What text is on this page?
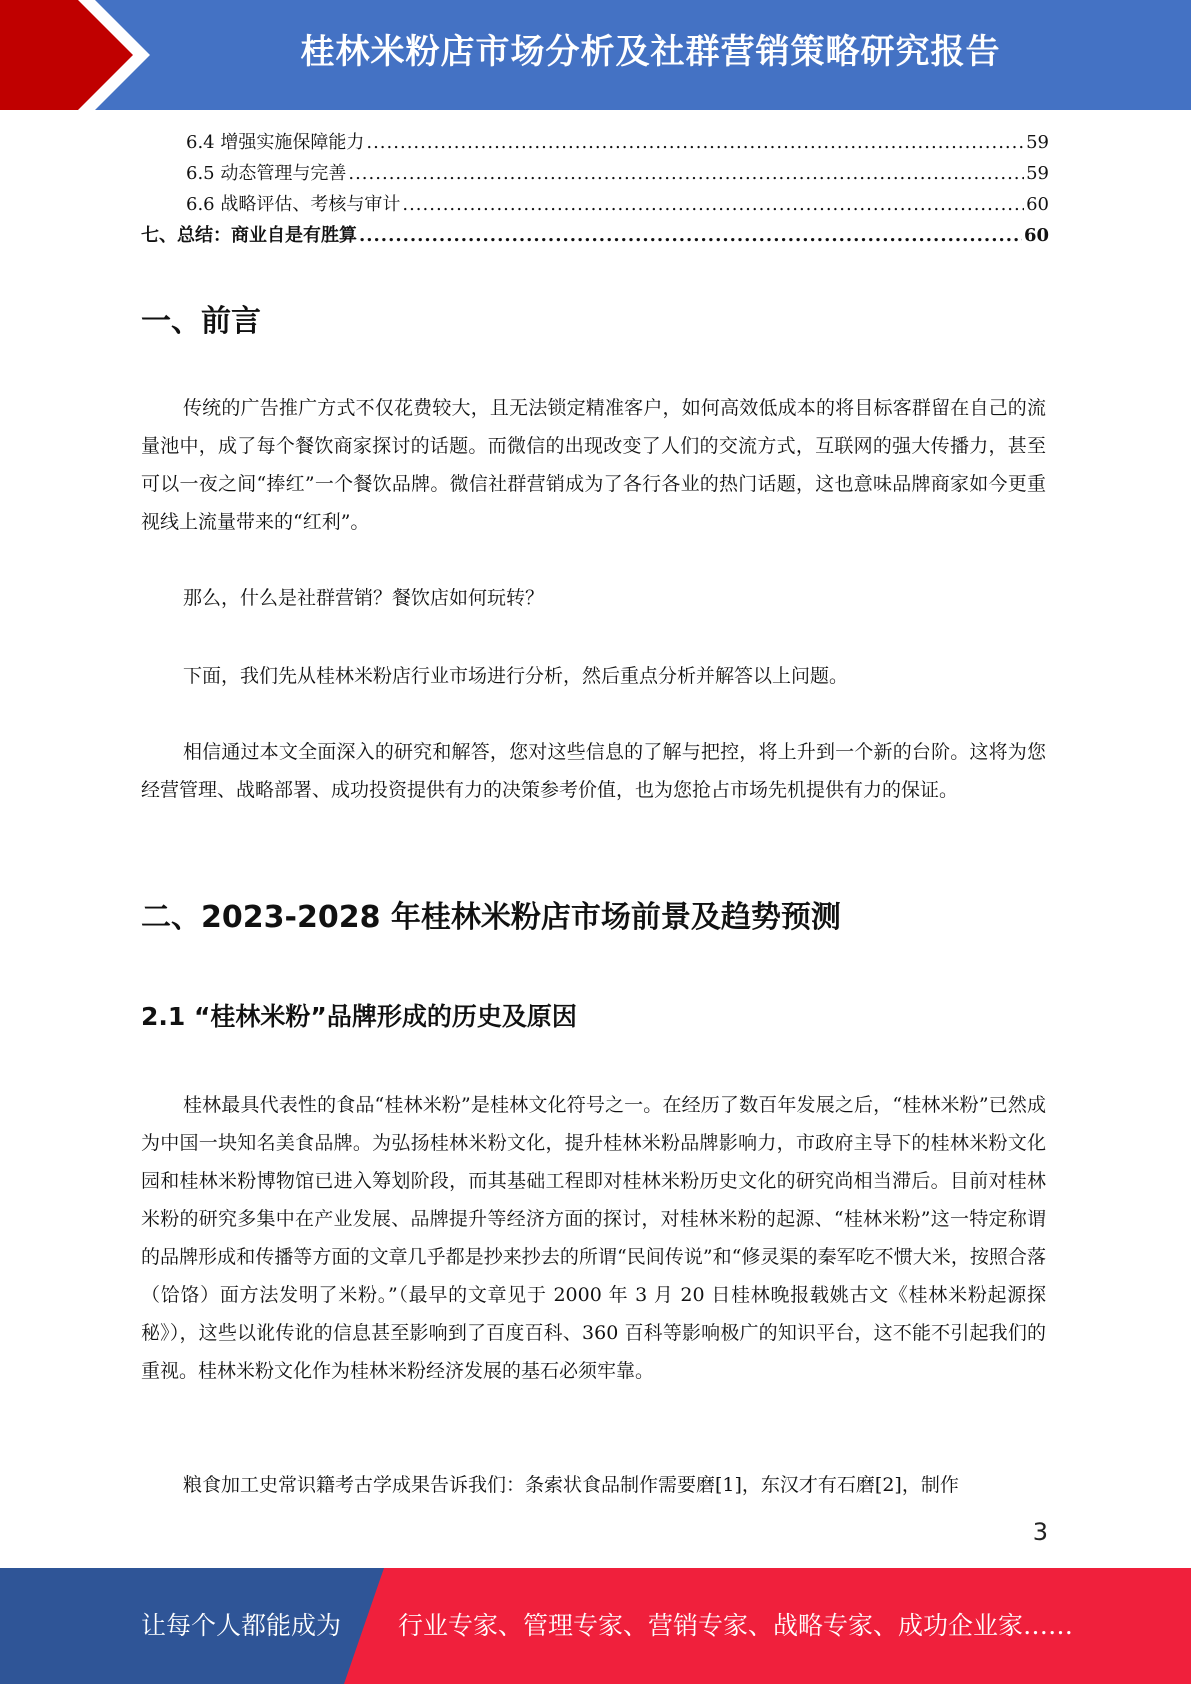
桂林米粉店市场分析及社群营销策略研究报告
6.4 增强实施保障能力 .....	59
6.5 动态管理与完善 .....	59
6.6 战略评估、考核与审计 .....	60
七、总结：商业自是有胜算 .....	60
一、前言

传统的广告推广方式不仅花费较大，且无法锁定精准客户，如何高效低成本的将目标客群留在自己的流量池中，成了每个餐饮商家探讨的话题。而微信的出现改变了人们的交流方式，互联网的强大传播力，甚至可以一夜之间“捧红”一个餐饮品牌。微信社群营销成为了各行各业的热门话题，这也意味品牌商家如今更重视线上流量带来的“红利”。

那么，什么是社群营销？餐饮店如何玩转？

下面，我们先从桂林米粉店行业市场进行分析，然后重点分析并解答以上问题。

相信通过本文全面深入的研究和解答，您对这些信息的了解与把控，将上升到一个新的台阶。这将为您经营管理、战略部署、成功投资提供有力的决策参考价值，也为您抢占市场先机提供有力的保证。

二、2023-2028 年桂林米粉店市场前景及趋势预测
2.1 “桂林米粉”品牌形成的历史及原因

桂林最具代表性的食品“桂林米粉”是桂林文化符号之一。在经历了数百年发展之后，“桂林米粉”已然成为中国一块知名美食品牌。为弘扬桂林米粉文化，提升桂林米粉品牌影响力，市政府主导下的桂林米粉文化园和桂林米粉博物馆已进入筹划阶段，而其基础工程即对桂林米粉历史文化的研究尚相当滞后。目前对桂林米粉的研究多集中在产业发展、品牌提升等经济方面的探讨，对桂林米粉的起源、“桂林米粉”这一特定称谓的品牌形成和传播等方面的文章几乎都是抄来抄去的所谓“民间传说”和“修灵渠的秦军吃不惯大米，按照合落（饸饹）面方法发明了米粉。”（最早的文章见于 2000 年 3 月 20 日桂林晚报载姚古文《桂林米粉起源探秘》），这些以讹传讹的信息甚至影响到了百度百科、360 百科等影响极广的知识平台，这不能不引起我们的重视。桂林米粉文化作为桂林米粉经济发展的基石必须牢靠。

粮食加工史常识籍考古学成果告诉我们：条索状食品制作需要磨[1]，东汉才有石磨[2]，制作

3
让每个人都能成为 行业专家、管理专家、营销专家、战略专家、成功企业家……
